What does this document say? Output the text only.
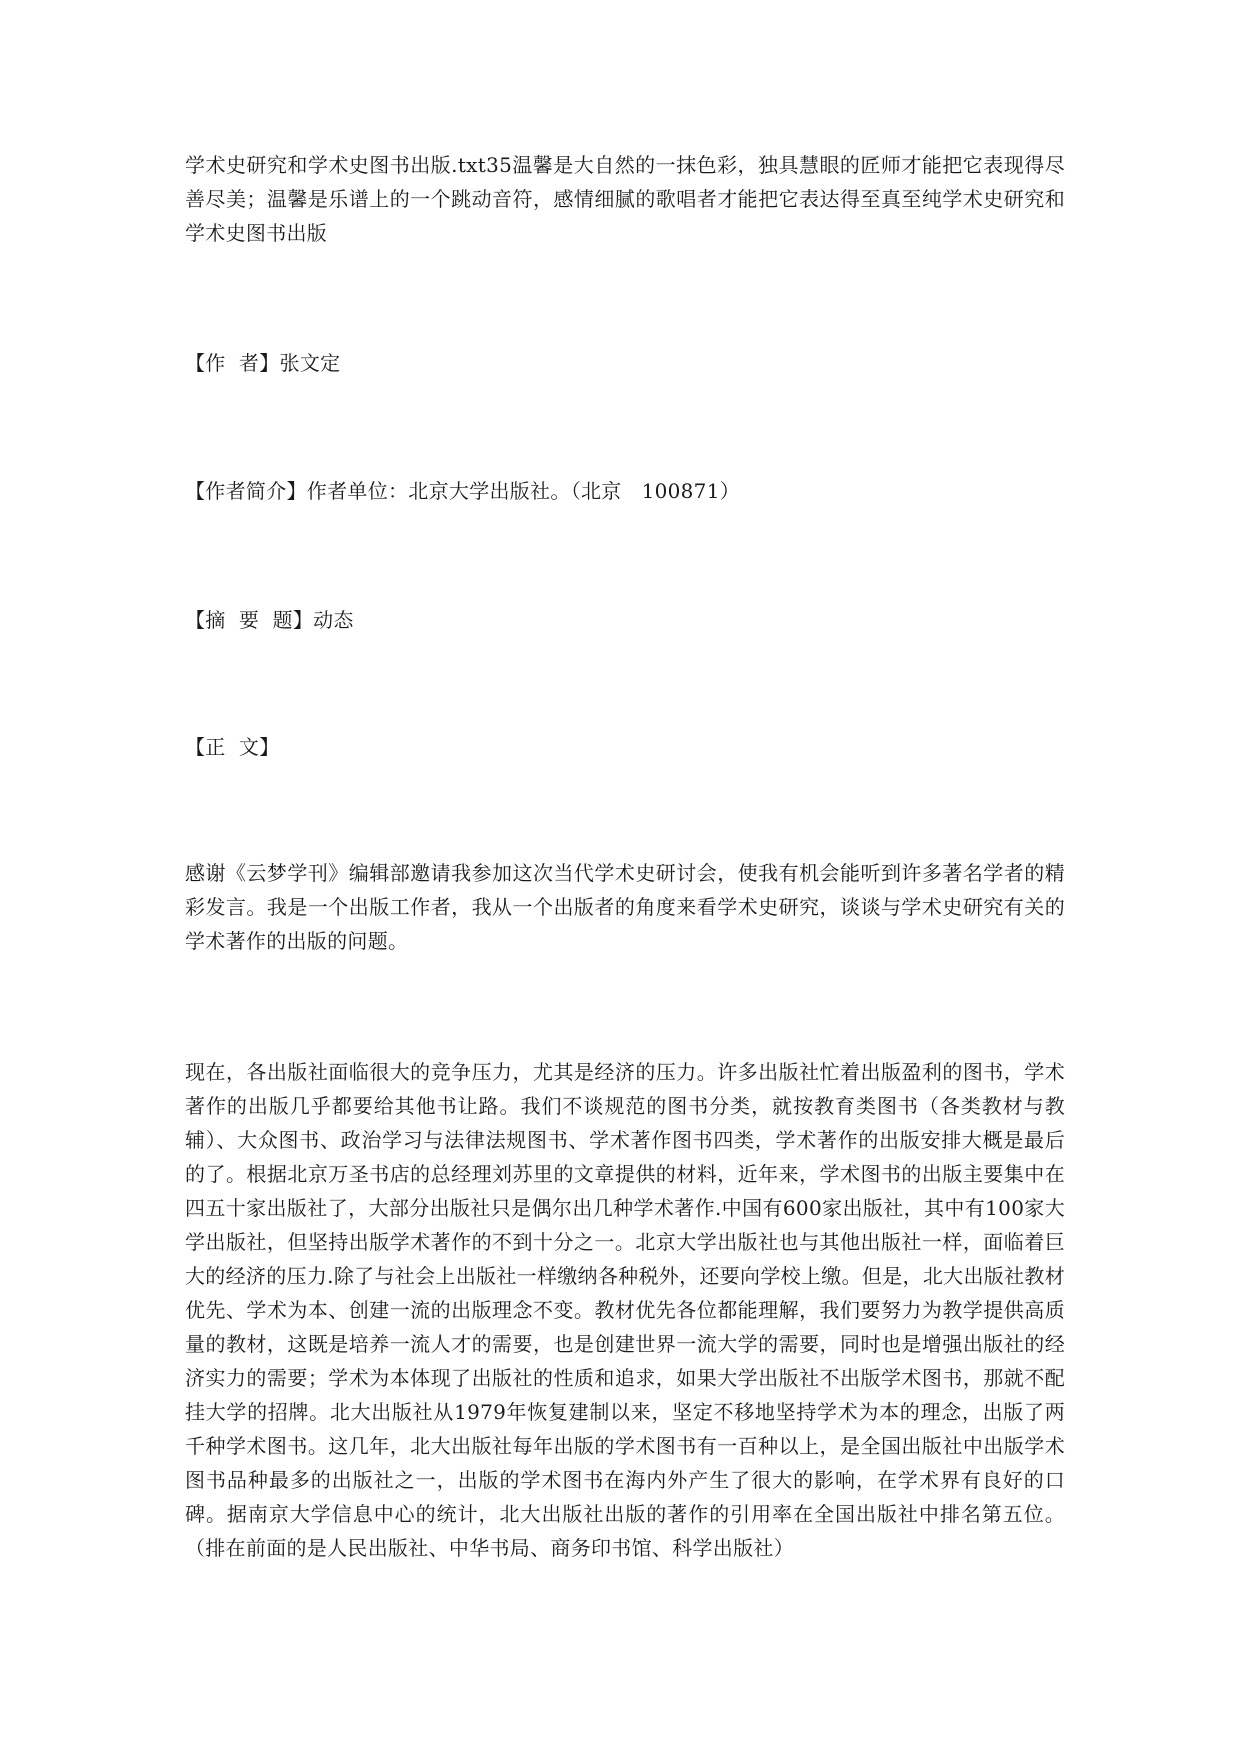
学术史研究和学术史图书出版.txt35温馨是大自然的一抹色彩，独具慧眼的匠师才能把它表现得尽善尽美；温馨是乐谱上的一个跳动音符，感情细腻的歌唱者才能把它表达得至真至纯学术史研究和学术史图书出版
【作  者】张文定
【作者简介】作者单位：北京大学出版社。（北京   100871）
【摘  要  题】动态
【正  文】
感谢《云梦学刊》编辑部邀请我参加这次当代学术史研讨会，使我有机会能听到许多著名学者的精彩发言。我是一个出版工作者，我从一个出版者的角度来看学术史研究，谈谈与学术史研究有关的学术著作的出版的问题。
现在，各出版社面临很大的竞争压力，尤其是经济的压力。许多出版社忙着出版盈利的图书，学术著作的出版几乎都要给其他书让路。我们不谈规范的图书分类，就按教育类图书（各类教材与教辅）、大众图书、政治学习与法律法规图书、学术著作图书四类，学术著作的出版安排大概是最后的了。根据北京万圣书店的总经理刘苏里的文章提供的材料，近年来，学术图书的出版主要集中在四五十家出版社了，大部分出版社只是偶尔出几种学术著作.中国有600家出版社，其中有100家大学出版社，但坚持出版学术著作的不到十分之一。北京大学出版社也与其他出版社一样，面临着巨大的经济的压力.除了与社会上出版社一样缴纳各种税外，还要向学校上缴。但是，北大出版社教材优先、学术为本、创建一流的出版理念不变。教材优先各位都能理解，我们要努力为教学提供高质量的教材，这既是培养一流人才的需要，也是创建世界一流大学的需要，同时也是增强出版社的经济实力的需要；学术为本体现了出版社的性质和追求，如果大学出版社不出版学术图书，那就不配挂大学的招牌。北大出版社从1979年恢复建制以来，坚定不移地坚持学术为本的理念，出版了两千种学术图书。这几年，北大出版社每年出版的学术图书有一百种以上，是全国出版社中出版学术图书品种最多的出版社之一，出版的学术图书在海内外产生了很大的影响，在学术界有良好的口碑。据南京大学信息中心的统计，北大出版社出版的著作的引用率在全国出版社中排名第五位。（排在前面的是人民出版社、中华书局、商务印书馆、科学出版社）
